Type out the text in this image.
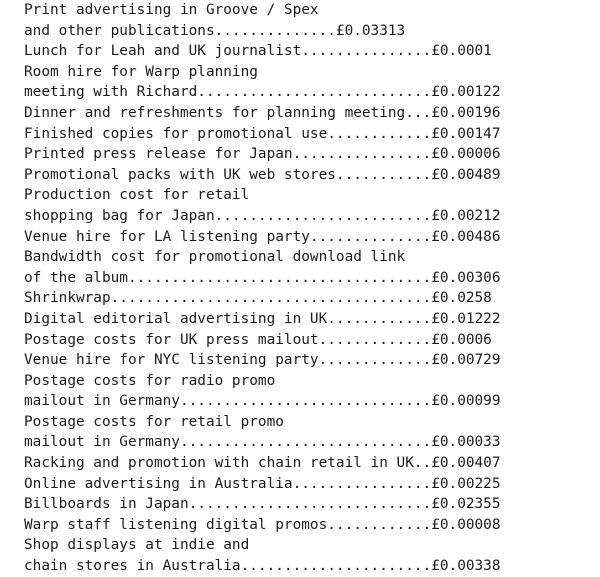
Print advertising in Groove / Spex
and other publications..............£0.03313
Lunch for Leah and UK journalist...............£0.0001
Room hire for Warp planning
meeting with Richard...........................£0.00122
Dinner and refreshments for planning meeting...£0.00196
Finished copies for promotional use............£0.00147
Printed press release for Japan................£0.00006
Promotional packs with UK web stores...........£0.00489
Production cost for retail
shopping bag for Japan.........................£0.00212
Venue hire for LA listening party..............£0.00486
Bandwidth cost for promotional download link
of the album...................................£0.00306
Shrinkwrap.....................................£0.0258
Digital editorial advertising in UK............£0.01222
Postage costs for UK press mailout.............£0.0006
Venue hire for NYC listening party.............£0.00729
Postage costs for radio promo
mailout in Germany.............................£0.00099
Postage costs for retail promo
mailout in Germany.............................£0.00033
Racking and promotion with chain retail in UK..£0.00407
Online advertising in Australia................£0.00225
Billboards in Japan............................£0.02355
Warp staff listening digital promos............£0.00008
Shop displays at indie and
chain stores in Australia......................£0.00338
